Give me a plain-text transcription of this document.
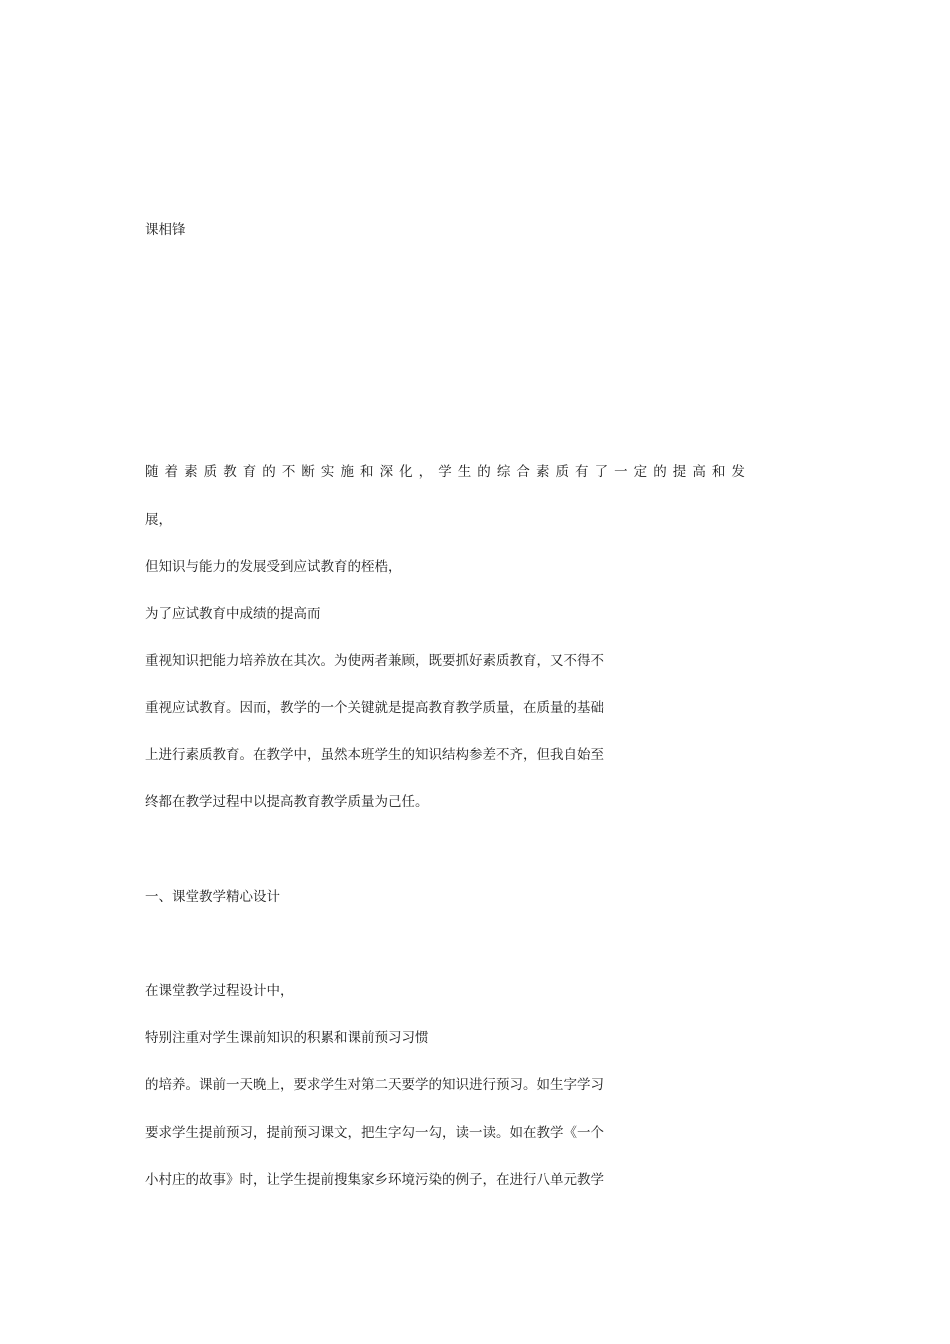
课相锋

随 着 素 质 教 育 的 不 断 实 施 和 深 化 ， 学 生 的 综 合 素 质 有 了 一 定 的 提 高 和 发

展，

但知识与能力的发展受到应试教育的桎梏，

为了应试教育中成绩的提高而

重视知识把能力培养放在其次。为使两者兼顾，既要抓好素质教育，又不得不

重视应试教育。因而，教学的一个关键就是提高教育教学质量，在质量的基础

上进行素质教育。在教学中，虽然本班学生的知识结构参差不齐，但我自始至

终都在教学过程中以提高教育教学质量为己任。

一、课堂教学精心设计

在课堂教学过程设计中，

特别注重对学生课前知识的积累和课前预习习惯

的培养。课前一天晚上，要求学生对第二天要学的知识进行预习。如生字学习

要求学生提前预习，提前预习课文，把生字勾一勾，读一读。如在教学《一个

小村庄的故事》时，让学生提前搜集家乡环境污染的例子，在进行八单元教学
